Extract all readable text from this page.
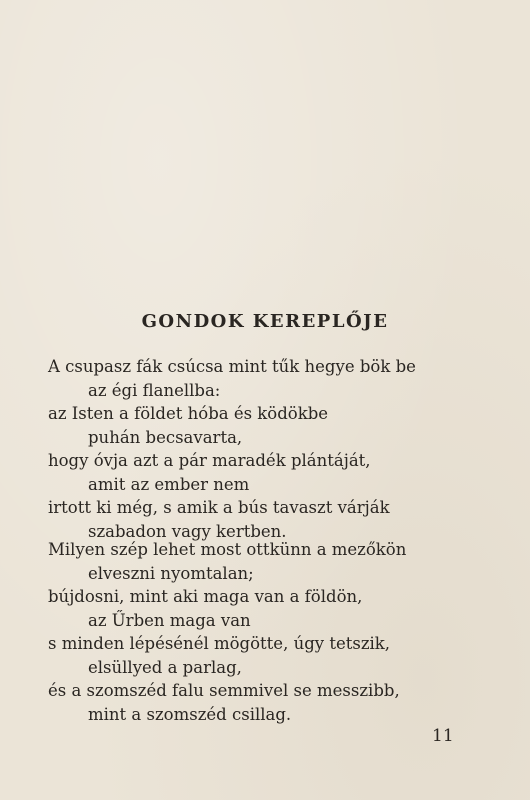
GONDOK KEREPLŐJE
A csupasz fák csúcsa mint tűk hegye bök be
az égi flanellba:
az Isten a földet hóba és ködökbe
puhán becsavarta,
hogy óvja azt a pár maradék plántáját,
amit az ember nem
irtott ki még, s amik a bús tavaszt várják
szabadon vagy kertben.
Milyen szép lehet most ottkünn a mezőkön
elveszni nyomtalan;
bújdosni, mint aki maga van a földön,
az Űrben maga van
s minden lépésénél mögötte, úgy tetszik,
elsüllyed a parlag,
és a szomszéd falu semmivel se messzibb,
mint a szomszéd csillag.
11
